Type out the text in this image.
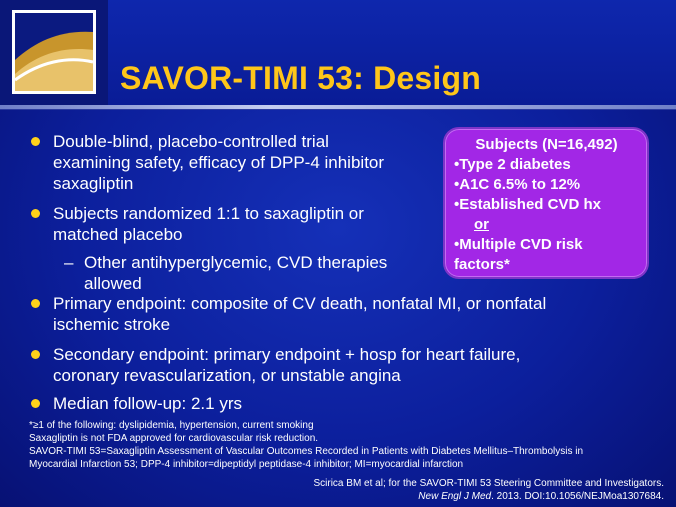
SAVOR-TIMI 53: Design
Double-blind, placebo-controlled trial
examining safety, efficacy of DPP-4 inhibitor
saxagliptin
Subjects randomized 1:1 to saxagliptin or
matched placebo
– Other antihyperglycemic, CVD therapies
allowed
Primary endpoint: composite of CV death, nonfatal MI, or nonfatal
ischemic stroke
Secondary endpoint: primary endpoint + hosp for heart failure,
coronary revascularization, or unstable angina
Median follow-up: 2.1 yrs
Subjects (N=16,492)
•Type 2 diabetes
•A1C 6.5% to 12%
•Established CVD hx
or
•Multiple CVD risk
factors*
*≥1 of the following: dyslipidemia, hypertension, current smoking
Saxagliptin is not FDA approved for cardiovascular risk reduction.
SAVOR-TIMI 53=Saxagliptin Assessment of Vascular Outcomes Recorded in Patients with Diabetes Mellitus–Thrombolysis in
Myocardial Infarction 53; DPP-4 inhibitor=dipeptidyl peptidase-4 inhibitor; MI=myocardial infarction
Scirica BM et al; for the SAVOR-TIMI 53 Steering Committee and Investigators.
New Engl J Med. 2013. DOI:10.1056/NEJMoa1307684.
